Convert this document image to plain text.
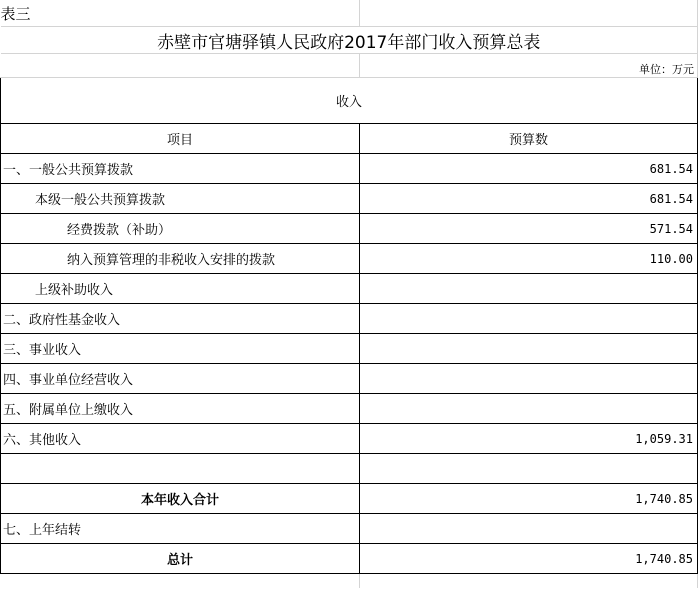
表三	
赤壁市官塘驿镇人民政府2017年部门收入预算总表	
	单位：万元
收入	
项目	预算数
一、一般公共预算拨款	681.54
本级一般公共预算拨款	681.54
经费拨款（补助）	571.54
纳入预算管理的非税收入安排的拨款	110.00
上级补助收入	
二、政府性基金收入	
三、事业收入	
四、事业单位经营收入	
五、附属单位上缴收入	
六、其他收入	1,059.31

本年收入合计	1,740.85
七、上年结转	
总计	1,740.85
